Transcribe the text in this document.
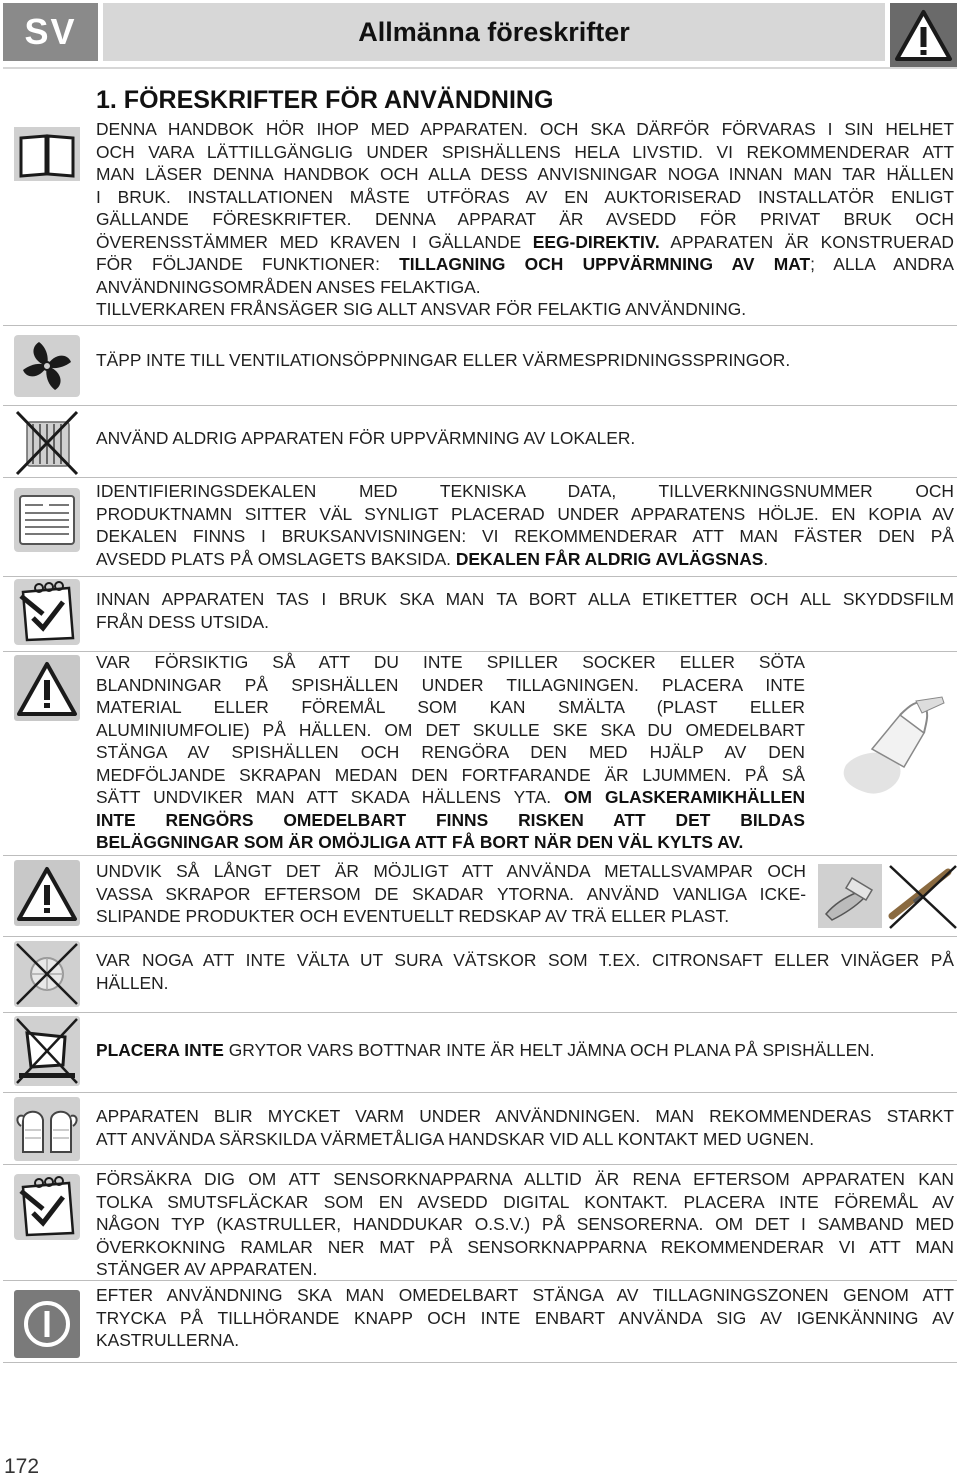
SV	Allmänna föreskrifter
1. FÖRESKRIFTER FÖR ANVÄNDNING
DENNA HANDBOK HÖR IHOP MED APPARATEN. OCH SKA DÄRFÖR FÖRVARAS I SIN HELHET
OCH VARA LÄTTILLGÄNGLIG UNDER SPISHÄLLENS HELA LIVSTID. VI REKOMMENDERAR ATT
MAN LÄSER DENNA HANDBOK OCH ALLA DESS ANVISNINGAR NOGA INNAN MAN TAR HÄLLEN
I BRUK. INSTALLATIONEN MÅSTE UTFÖRAS AV EN AUKTORISERAD INSTALLATÖR ENLIGT
GÄLLANDE FÖRESKRIFTER. DENNA APPARAT ÄR AVSEDD FÖR PRIVAT BRUK OCH
ÖVERENSSTÄMMER MED KRAVEN I GÄLLANDE EEG-DIREKTIV. APPARATEN ÄR KONSTRUERAD
FÖR FÖLJANDE FUNKTIONER: TILLAGNING OCH UPPVÄRMNING AV MAT; ALLA ANDRA
ANVÄNDNINGSOMRÅDEN ANSES FELAKTIGA.
TILLVERKAREN FRÅNSÄGER SIG ALLT ANSVAR FÖR FELAKTIG ANVÄNDNING.
TÄPP INTE TILL VENTILATIONSÖPPNINGAR ELLER VÄRMESPRIDNINGSSPRINGOR.
ANVÄND ALDRIG APPARATEN FÖR UPPVÄRMNING AV LOKALER.
IDENTIFIERINGSDEKALEN MED TEKNISKA DATA, TILLVERKNINGSNUMMER OCH
PRODUKTNAMN SITTER VÄL SYNLIGT PLACERAD UNDER APPARATENS HÖLJE. EN KOPIA AV
DEKALEN FINNS I BRUKSANVISNINGEN: VI REKOMMENDERAR ATT MAN FÄSTER DEN PÅ
AVSEDD PLATS PÅ OMSLAGETS BAKSIDA. DEKALEN FÅR ALDRIG AVLÄGSNAS.
INNAN APPARATEN TAS I BRUK SKA MAN TA BORT ALLA ETIKETTER OCH ALL SKYDDSFILM
FRÅN DESS UTSIDA.
VAR FÖRSIKTIG SÅ ATT DU INTE SPILLER SOCKER ELLER SÖTA
BLANDNINGAR PÅ SPISHÄLLEN UNDER TILLAGNINGEN. PLACERA INTE
MATERIAL ELLER FÖREMÅL SOM KAN SMÄLTA (PLAST ELLER
ALUMINIUMFOLIE) PÅ HÄLLEN. OM DET SKULLE SKE SKA DU OMEDELBART
STÄNGA AV SPISHÄLLEN OCH RENGÖRA DEN MED HJÄLP AV DEN
MEDFÖLJANDE SKRAPAN MEDAN DEN FORTFARANDE ÄR LJUMMEN. PÅ SÅ
SÄTT UNDVIKER MAN ATT SKADA HÄLLENS YTA. OM GLASKERAMIKHÄLLEN
INTE RENGÖRS OMEDELBART FINNS RISKEN ATT DET BILDAS
BELÄGGNINGAR SOM ÄR OMÖJLIGA ATT FÅ BORT NÄR DEN VÄL KYLTS AV.
UNDVIK SÅ LÅNGT DET ÄR MÖJLIGT ATT ANVÄNDA METALLSVAMPAR OCH
VASSA SKRAPOR EFTERSOM DE SKADAR YTORNA. ANVÄND VANLIGA ICKE-
SLIPANDE PRODUKTER OCH EVENTUELLT REDSKAP AV TRÄ ELLER PLAST.
VAR NOGA ATT INTE VÄLTA UT SURA VÄTSKOR SOM T.EX. CITRONSAFT ELLER VINÄGER PÅ
HÄLLEN.
PLACERA INTE GRYTOR VARS BOTTNAR INTE ÄR HELT JÄMNA OCH PLANA PÅ SPISHÄLLEN.
APPARATEN BLIR MYCKET VARM UNDER ANVÄNDNINGEN. MAN REKOMMENDERAS STARKT
ATT ANVÄNDA SÄRSKILDA VÄRMETÅLIGA HANDSKAR VID ALL KONTAKT MED UGNEN.
FÖRSÄKRA DIG OM ATT SENSORKNAPPARNA ALLTID ÄR RENA EFTERSOM APPARATEN KAN
TOLKA SMUTSFLÄCKAR SOM EN AVSEDD DIGITAL KONTAKT. PLACERA INTE FÖREMÅL AV
NÅGON TYP (KASTRULLER, HANDDUKAR O.S.V.) PÅ SENSORERNA. OM DET I SAMBAND MED
ÖVERKOKNING RAMLAR NER MAT PÅ SENSORKNAPPARNA REKOMMENDERAR VI ATT MAN
STÄNGER AV APPARATEN.
EFTER ANVÄNDNING SKA MAN OMEDELBART STÄNGA AV TILLAGNINGSZONEN GENOM ATT
TRYCKA PÅ TILLHÖRANDE KNAPP OCH INTE ENBART ANVÄNDA SIG AV IGENKÄNNING AV
KASTRULLERNA.
172
